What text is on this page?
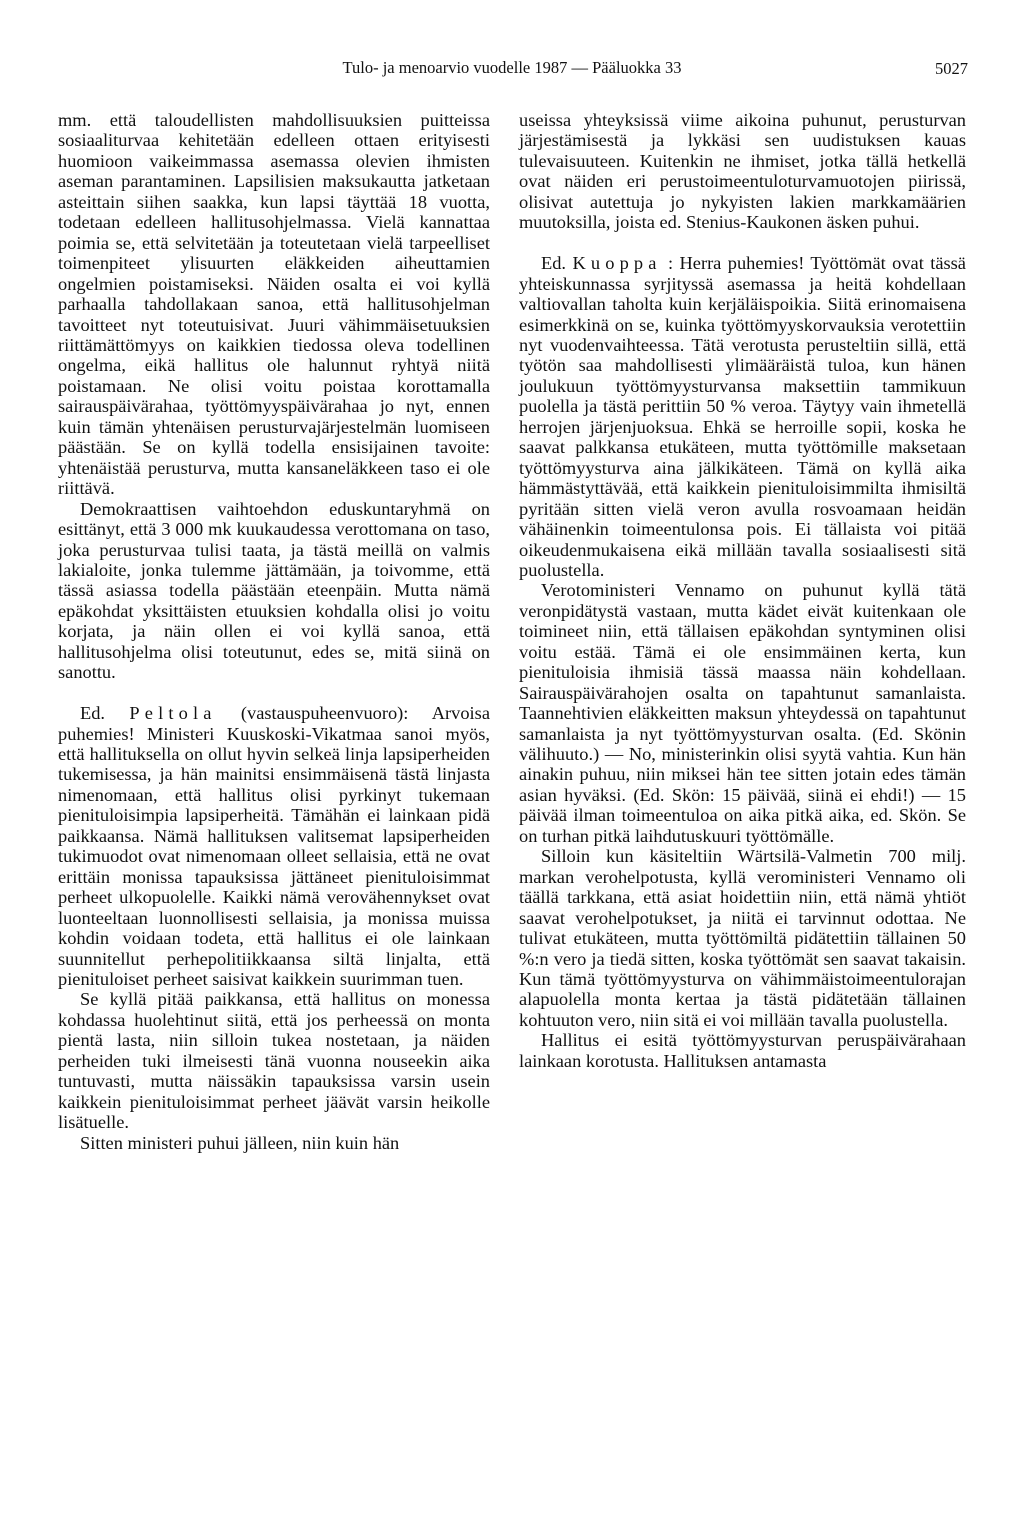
Tulo- ja menoarvio vuodelle 1987 — Pääluokka 33	5027

mm. että taloudellisten mahdollisuuksien puitteissa sosiaaliturvaa kehitetään edelleen ottaen erityisesti huomioon vaikeimmassa asemassa olevien ihmisten aseman parantaminen. Lapsilisien maksukautta jatketaan asteittain siihen saakka, kun lapsi täyttää 18 vuotta, todetaan edelleen hallitusohjelmassa. Vielä kannattaa poimia se, että selvitetään ja toteutetaan vielä tarpeelliset toimenpiteet ylisuurten eläkkeiden aiheuttamien ongelmien poistamiseksi. Näiden osalta ei voi kyllä parhaalla tahdollakaan sanoa, että hallitusohjelman tavoitteet nyt toteutuisivat. Juuri vähimmäisetuuksien riittämättömyys on kaikkien tiedossa oleva todellinen ongelma, eikä hallitus ole halunnut ryhtyä niitä poistamaan. Ne olisi voitu poistaa korottamalla sairauspäivärahaa, työttömyyspäivärahaa jo nyt, ennen kuin tämän yhtenäisen perusturvajärjestelmän luomiseen päästään. Se on kyllä todella ensisijainen tavoite: yhtenäistää perusturva, mutta kansaneläkkeen taso ei ole riittävä.

Demokraattisen vaihtoehdon eduskuntaryhmä on esittänyt, että 3 000 mk kuukaudessa verottomana on taso, joka perusturvaa tulisi taata, ja tästä meillä on valmis lakialoite, jonka tulemme jättämään, ja toivomme, että tässä asiassa todella päästään eteenpäin. Mutta nämä epäkohdat yksittäisten etuuksien kohdalla olisi jo voitu korjata, ja näin ollen ei voi kyllä sanoa, että hallitusohjelma olisi toteutunut, edes se, mitä siinä on sanottu.

Ed. Peltola (vastauspuheenvuoro): Arvoisa puhemies! Ministeri Kuuskoski-Vikatmaa sanoi myös, että hallituksella on ollut hyvin selkeä linja lapsiperheiden tukemisessa, ja hän mainitsi ensimmäisenä tästä linjasta nimenomaan, että hallitus olisi pyrkinyt tukemaan pienituloisimpia lapsiperheitä. Tämähän ei lainkaan pidä paikkaansa. Nämä hallituksen valitsemat lapsiperheiden tukimuodot ovat nimenomaan olleet sellaisia, että ne ovat erittäin monissa tapauksissa jättäneet pienituloisimmat perheet ulkopuolelle. Kaikki nämä verovähennykset ovat luonteeltaan luonnollisesti sellaisia, ja monissa muissa kohdin voidaan todeta, että hallitus ei ole lainkaan suunnitellut perhepolitiikkaansa siltä linjalta, että pienituloiset perheet saisivat kaikkein suurimman tuen.

Se kyllä pitää paikkansa, että hallitus on monessa kohdassa huolehtinut siitä, että jos perheessä on monta pientä lasta, niin silloin tukea nostetaan, ja näiden perheiden tuki ilmeisesti tänä vuonna nouseekin aika tuntuvasti, mutta näissäkin tapauksissa varsin usein kaikkein pienituloisimmat perheet jäävät varsin heikolle lisätuelle.

Sitten ministeri puhui jälleen, niin kuin hän

useissa yhteyksissä viime aikoina puhunut, perusturvan järjestämisestä ja lykkäsi sen uudistuksen kauas tulevaisuuteen. Kuitenkin ne ihmiset, jotka tällä hetkellä ovat näiden eri perustoimeentuloturvamuotojen piirissä, olisivat autettuja jo nykyisten lakien markkamäärien muutoksilla, joista ed. Stenius-Kaukonen äsken puhui.

Ed. Kuoppa : Herra puhemies! Työttömät ovat tässä yhteiskunnassa syrjitys​sä asemassa ja heitä kohdellaan valtiovallan taholta kuin kerjäläispoikia. Siitä erinomaisena esimerkkinä on se, kuinka työttömyyskorvauksia verotettiin nyt vuodenvaihteessa. Tätä verotusta perusteltiin sillä, että työtön saa mahdollisesti ylimääräistä tuloa, kun hänen joulukuun työttömyysturvansa maksettiin tammikuun puolella ja tästä perittiin 50 % veroa. Täytyy vain ihmetellä herrojen järjenjuoksua. Ehkä se herroille sopii, koska he saavat palkkansa etukäteen, mutta työttömille maksetaan työttömyysturva aina jälkikäteen. Tämä on kyllä aika hämmästyttävää, että kaikkein pienituloisimmilta ihmisiltä pyritään sitten vielä veron avulla rosvoamaan heidän vähäinenkin toimeentulonsa pois. Ei tällaista voi pitää oikeudenmukaisena eikä millään tavalla sosiaalisesti sitä puolustella.

Verotoministeri Vennamo on puhunut kyllä tätä veronpidätystä vastaan, mutta kädet eivät kuitenkaan ole toimineet niin, että tällaisen epäkohdan syntyminen olisi voitu estää. Tämä ei ole ensimmäinen kerta, kun pienituloisia ihmisiä tässä maassa näin kohdellaan. Sairauspäivärahojen osalta on tapahtunut samanlaista. Taannehtivien eläkkeitten maksun yhteydessä on tapahtunut samanlaista ja nyt työttömyysturvan osalta. (Ed. Skönin välihuuto.) — No, ministerinkin olisi syytä vahtia. Kun hän ainakin puhuu, niin miksei hän tee sitten jotain edes tämän asian hyväksi. (Ed. Skön: 15 päivää, siinä ei ehdi!) — 15 päivää ilman toimeentuloa on aika pitkä aika, ed. Skön. Se on turhan pitkä laihdutuskuuri työttömälle.

Silloin kun käsiteltiin Wärtsilä-Valmetin 700 milj. markan verohelpotusta, kyllä veroministeri Vennamo oli täällä tarkkana, että asiat hoidettiin niin, että nämä yhtiöt saavat verohelpotukset, ja niitä ei tarvinnut odottaa. Ne tulivat etukäteen, mutta työttömiltä pidätettiin tällainen 50 %:n vero ja tiedä sitten, koska työttömät sen saavat takaisin. Kun tämä työttömyysturva on vähimmäistoimeentulorajan alapuolella monta kertaa ja tästä pidätetään tällainen kohtuuton vero, niin sitä ei voi millään tavalla puolustella.

Hallitus ei esitä työttömyysturvan peruspäivärahaan lainkaan korotusta. Hallituksen antamasta
